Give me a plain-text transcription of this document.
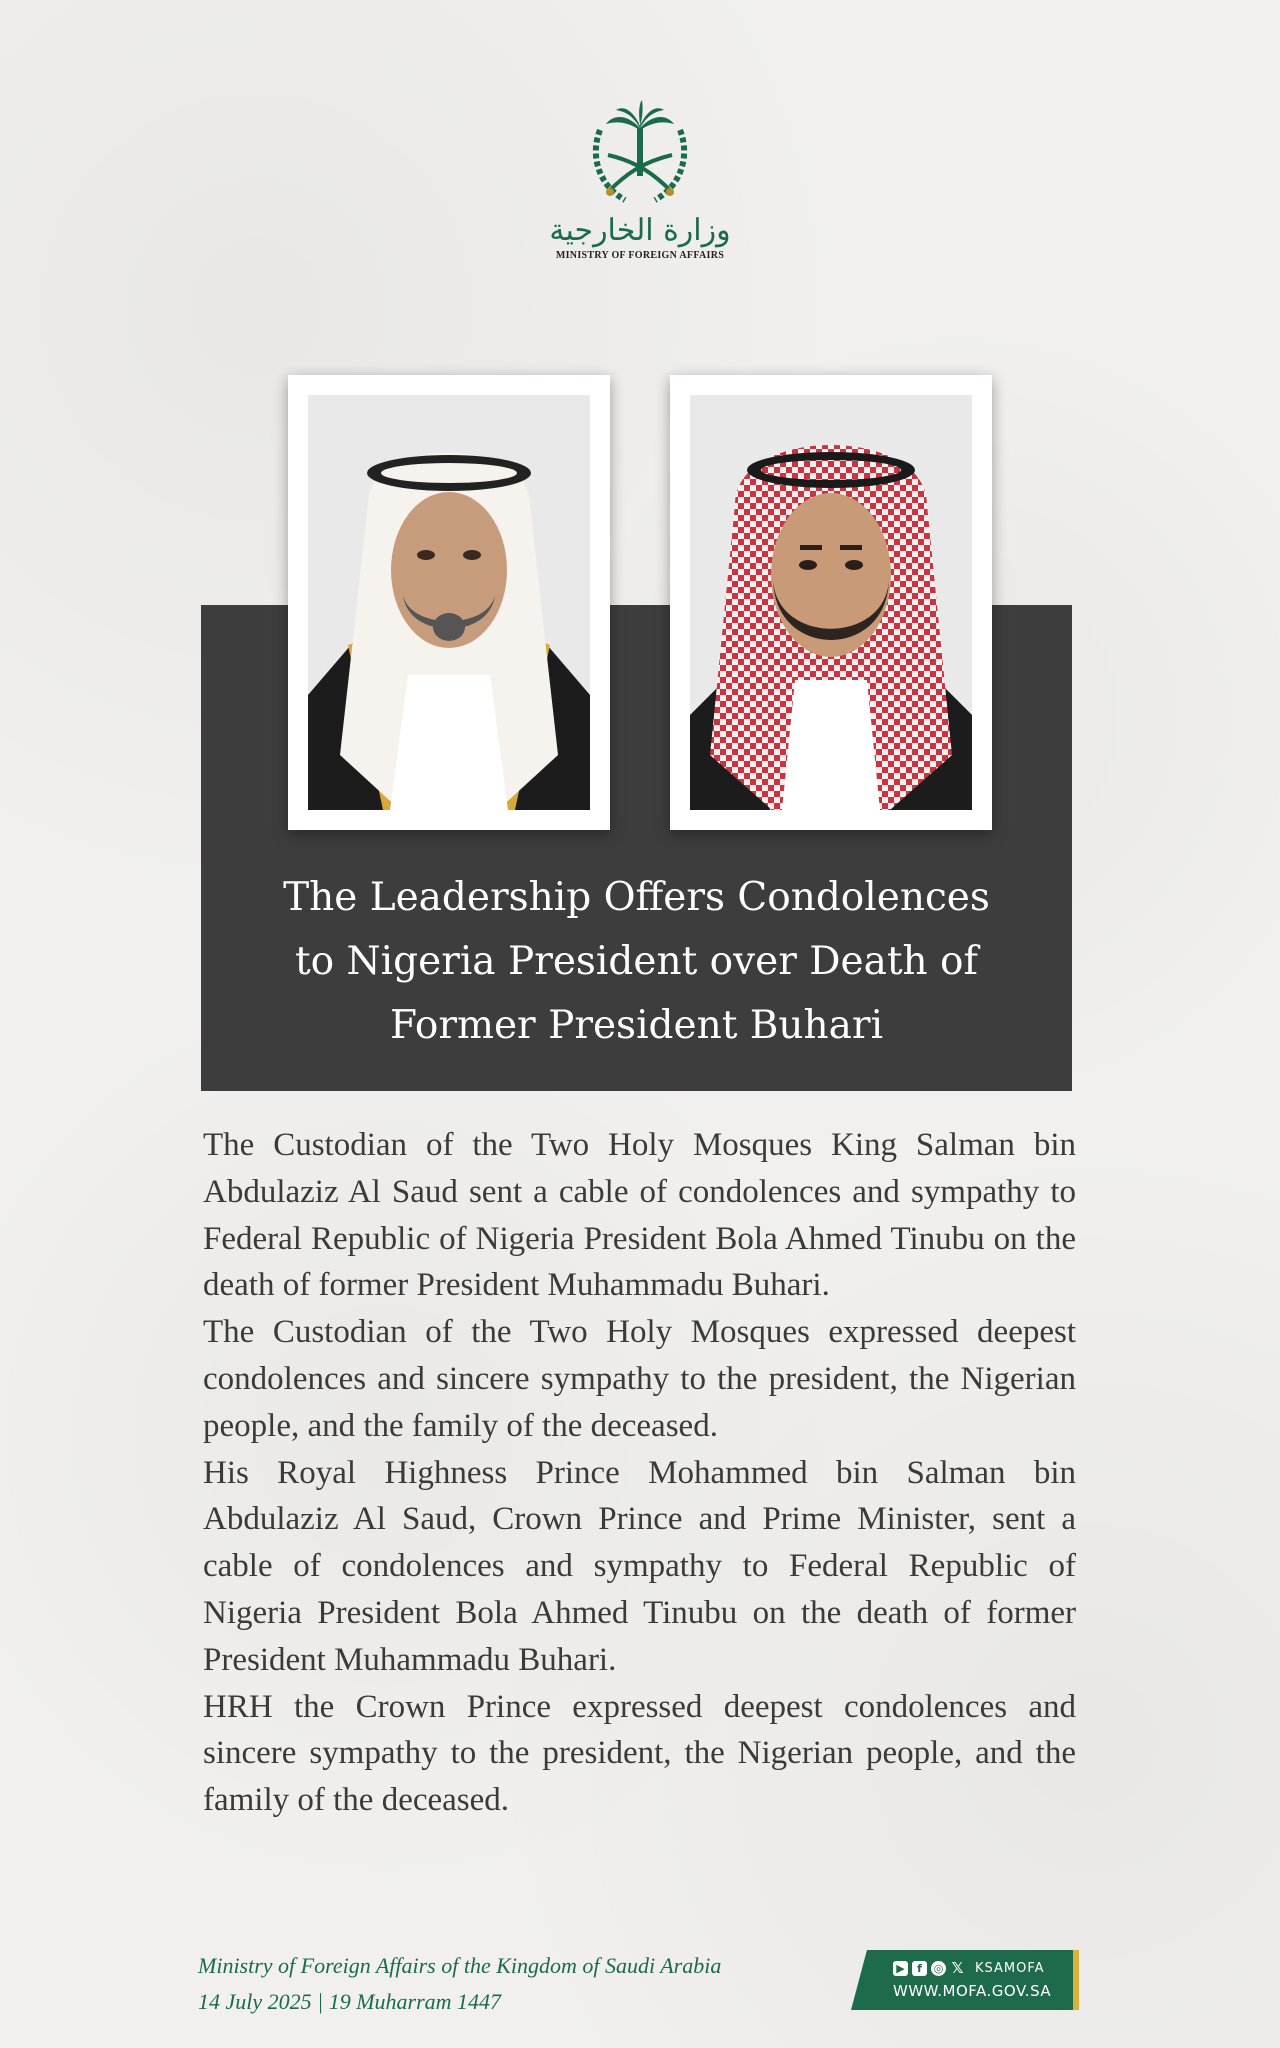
وزارة الخارجية
MINISTRY OF FOREIGN AFFAIRS
The Leadership Offers Condolences
to Nigeria President over Death of
Former President Buhari

The Custodian of the Two Holy Mosques King Salman bin Abdulaziz Al Saud sent a cable of condolences and sympathy to Federal Republic of Nigeria President Bola Ahmed Tinubu on the death of former President Muhammadu Buhari.

The Custodian of the Two Holy Mosques expressed deepest condolences and sincere sympathy to the president, the Nigerian people, and the family of the deceased.

His Royal Highness Prince Mohammed bin Salman bin Abdulaziz Al Saud, Crown Prince and Prime Minister, sent a cable of condolences and sympathy to Federal Republic of Nigeria President Bola Ahmed Tinubu on the death of former President Muhammadu Buhari.

HRH the Crown Prince expressed deepest condolences and sincere sympathy to the president, the Nigerian people, and the family of the deceased.

Ministry of Foreign Affairs of the Kingdom of Saudi Arabia
14 July 2025 | 19 Muharram 1447
▶	f	◎ 𝕏 KSAMOFA
WWW.MOFA.GOV.SA
